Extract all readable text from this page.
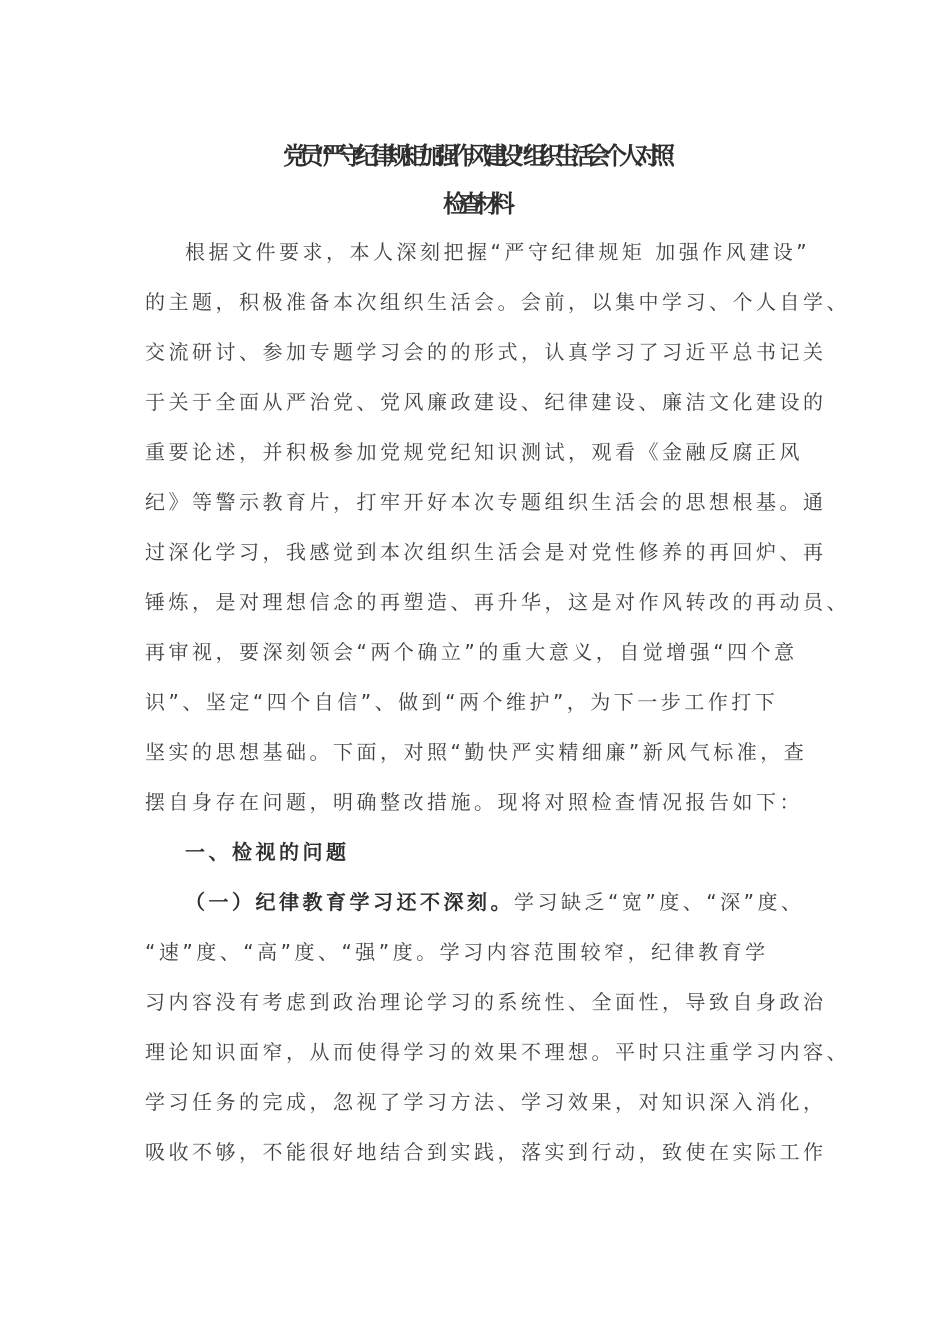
党员“严守纪律规矩 加强作风建设”组织生活会个人对照
检查材料
根据文件要求，本人深刻把握“严守纪律规矩 加强作风建设”
的主题，积极准备本次组织生活会。会前，以集中学习、个人自学、
交流研讨、参加专题学习会的的形式，认真学习了习近平总书记关
于关于全面从严治党、党风廉政建设、纪律建设、廉洁文化建设的
重要论述，并积极参加党规党纪知识测试，观看《金融反腐正风
纪》等警示教育片，打牢开好本次专题组织生活会的思想根基。通
过深化学习，我感觉到本次组织生活会是对党性修养的再回炉、再
锤炼，是对理想信念的再塑造、再升华，这是对作风转改的再动员、
再审视，要深刻领会“两个确立”的重大意义，自觉增强“四个意
识”、坚定“四个自信”、做到“两个维护”，为下一步工作打下
坚实的思想基础。下面，对照“勤快严实精细廉”新风气标准，查
摆自身存在问题，明确整改措施。现将对照检查情况报告如下：
一、检视的问题
（一）纪律教育学习还不深刻。学习缺乏“宽”度、“深”度、
“速”度、“高”度、“强”度。学习内容范围较窄，纪律教育学
习内容没有考虑到政治理论学习的系统性、全面性，导致自身政治
理论知识面窄，从而使得学习的效果不理想。平时只注重学习内容、
学习任务的完成，忽视了学习方法、学习效果，对知识深入消化，
吸收不够，不能很好地结合到实践，落实到行动，致使在实际工作
